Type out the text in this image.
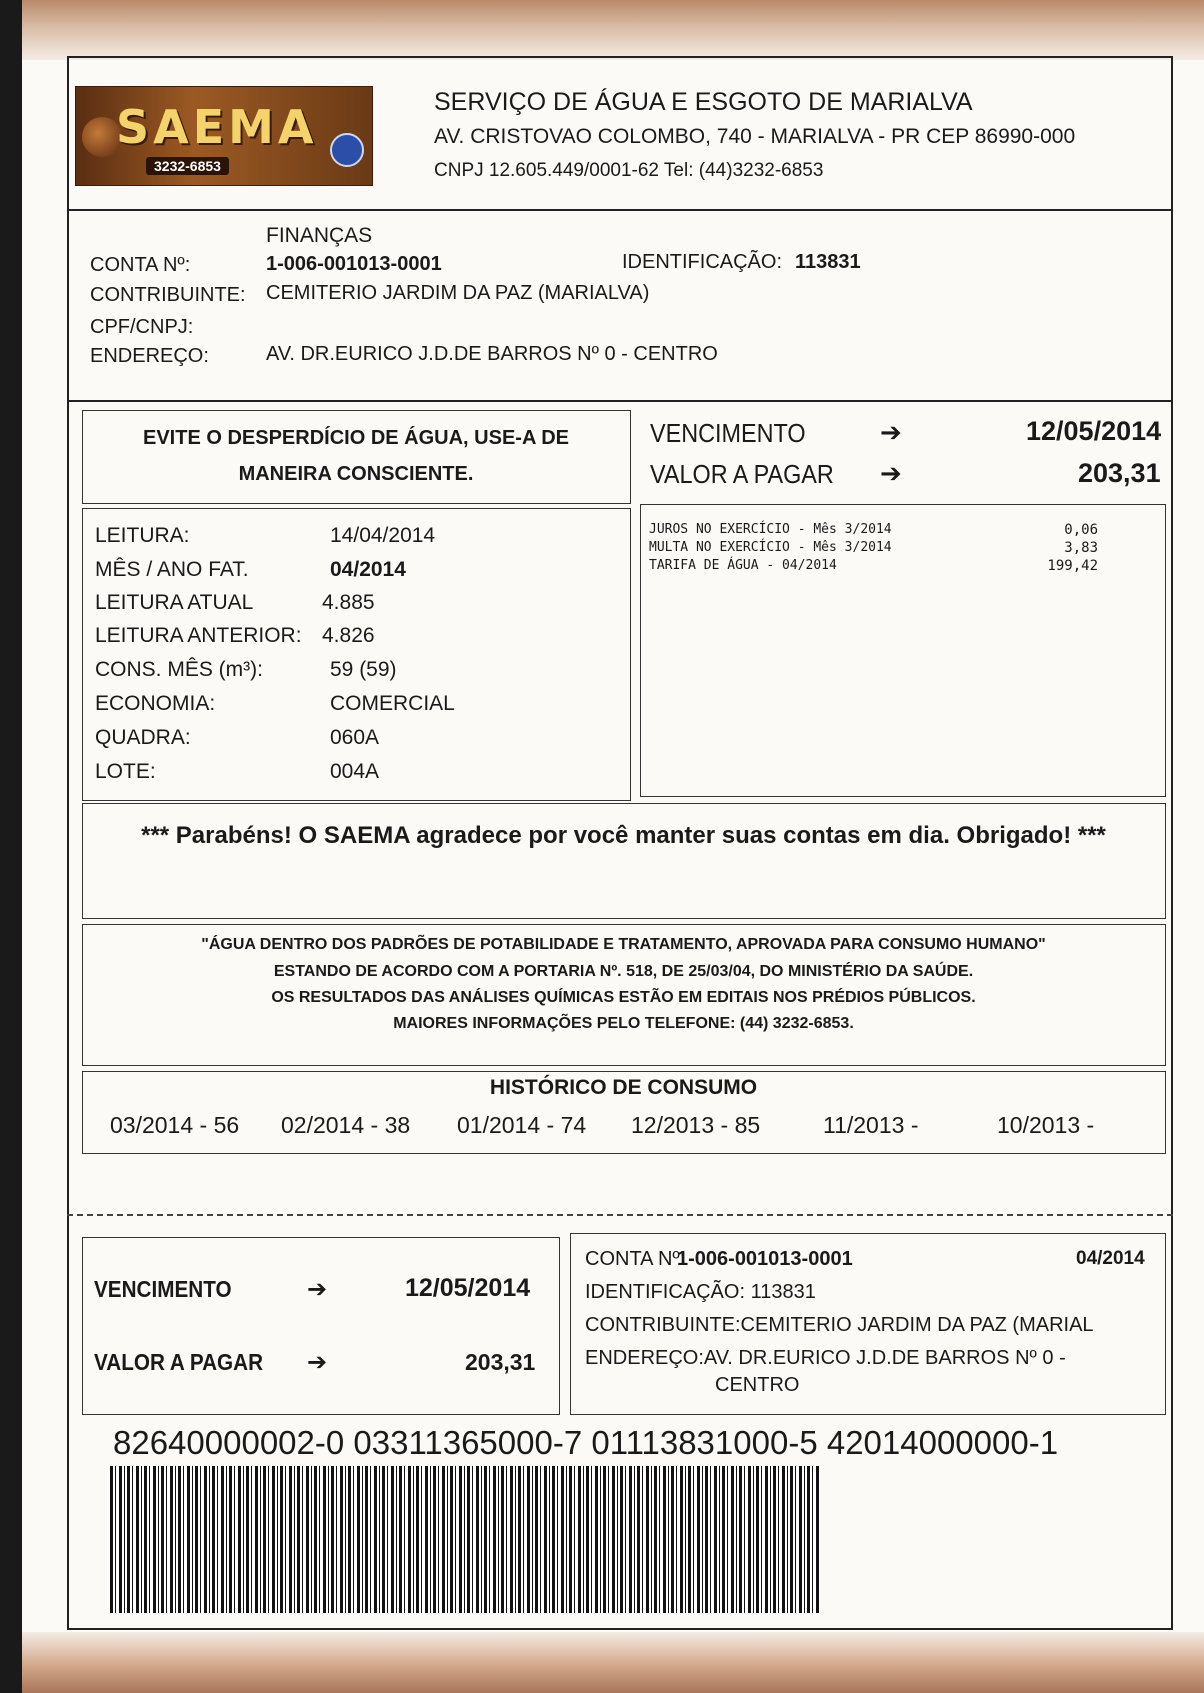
SAEMA
3232-6853
SERVIÇO DE ÁGUA E ESGOTO DE MARIALVA
AV. CRISTOVAO COLOMBO, 740 - MARIALVA - PR CEP 86990-000
CNPJ 12.605.449/0001-62 Tel: (44)3232-6853
FINANÇAS
CONTA Nº:	1-006-001013-0001	IDENTIFICAÇÃO: 113831
CONTRIBUINTE: CEMITERIO JARDIM DA PAZ (MARIALVA)
CPF/CNPJ:
ENDEREÇO:	AV. DR.EURICO J.D.DE BARROS Nº 0 - CENTRO
EVITE O DESPERDÍCIO DE ÁGUA, USE-A DE
MANEIRA CONSCIENTE.
VENCIMENTO	➔	12/05/2014
VALOR A PAGAR ➔	203,31
LEITURA:	14/04/2014
MÊS / ANO FAT.	04/2014
LEITURA ATUAL	4.885
LEITURA ANTERIOR: 4.826
CONS. MÊS (m³):	59 (59)
ECONOMIA:	COMERCIAL
QUADRA:	060A
LOTE:	004A
JUROS NO EXERCÍCIO - Mês 3/2014	0,06
MULTA NO EXERCÍCIO - Mês 3/2014	3,83
TARIFA DE ÁGUA - 04/2014	199,42
*** Parabéns! O SAEMA agradece por você manter suas contas em dia. Obrigado! ***
"ÁGUA DENTRO DOS PADRÕES DE POTABILIDADE E TRATAMENTO, APROVADA PARA CONSUMO HUMANO"
ESTANDO DE ACORDO COM A PORTARIA Nº. 518, DE 25/03/04, DO MINISTÉRIO DA SAÚDE.
OS RESULTADOS DAS ANÁLISES QUÍMICAS ESTÃO EM EDITAIS NOS PRÉDIOS PÚBLICOS.
MAIORES INFORMAÇÕES PELO TELEFONE: (44) 3232-6853.
HISTÓRICO DE CONSUMO
03/2014 - 56 02/2014 - 38 01/2014 - 74 12/2013 - 85	11/2013 -	10/2013 -
VENCIMENTO	➔	12/05/2014
VALOR A PAGAR ➔	203,31
CONTA Nº:
1-006-001013-0001	04/2014
IDENTIFICAÇÃO: 113831
CONTRIBUINTE:CEMITERIO JARDIM DA PAZ (MARIAL
ENDEREÇO:AV. DR.EURICO J.D.DE BARROS Nº 0 -
CENTRO
82640000002-0 03311365000-7 01113831000-5 42014000000-1
